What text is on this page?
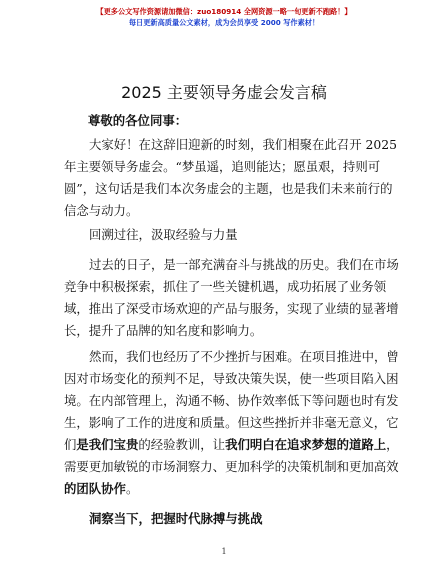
【更多公文写作资源请加微信：zuo180914 全网资源一略一旬更新不跑路！】
每日更新高质量公文素材，成为会员享受 2000 写作素材！
2025 主要领导务虚会发言稿
尊敬的各位同事：
大家好！在这辞旧迎新的时刻，我们相聚在此召开 2025
年主要领导务虚会。“梦虽遥，追则能达；愿虽艰，持则可
圆”，这句话是我们本次务虚会的主题，也是我们未来前行的
信念与动力。
回溯过往，汲取经验与力量
过去的日子，是一部充满奋斗与挑战的历史。我们在市场
竞争中积极探索，抓住了一些关键机遇，成功拓展了业务领
域，推出了深受市场欢迎的产品与服务，实现了业绩的显著增
长，提升了品牌的知名度和影响力。
然而，我们也经历了不少挫折与困难。在项目推进中，曾
因对市场变化的预判不足，导致决策失误，使一些项目陷入困
境。在内部管理上，沟通不畅、协作效率低下等问题也时有发
生，影响了工作的进度和质量。但这些挫折并非毫无意义，它
们是我们宝贵的经验教训，让我们明白在追求梦想的道路上，
需要更加敏锐的市场洞察力、更加科学的决策机制和更加高效
的团队协作。
洞察当下，把握时代脉搏与挑战
1
